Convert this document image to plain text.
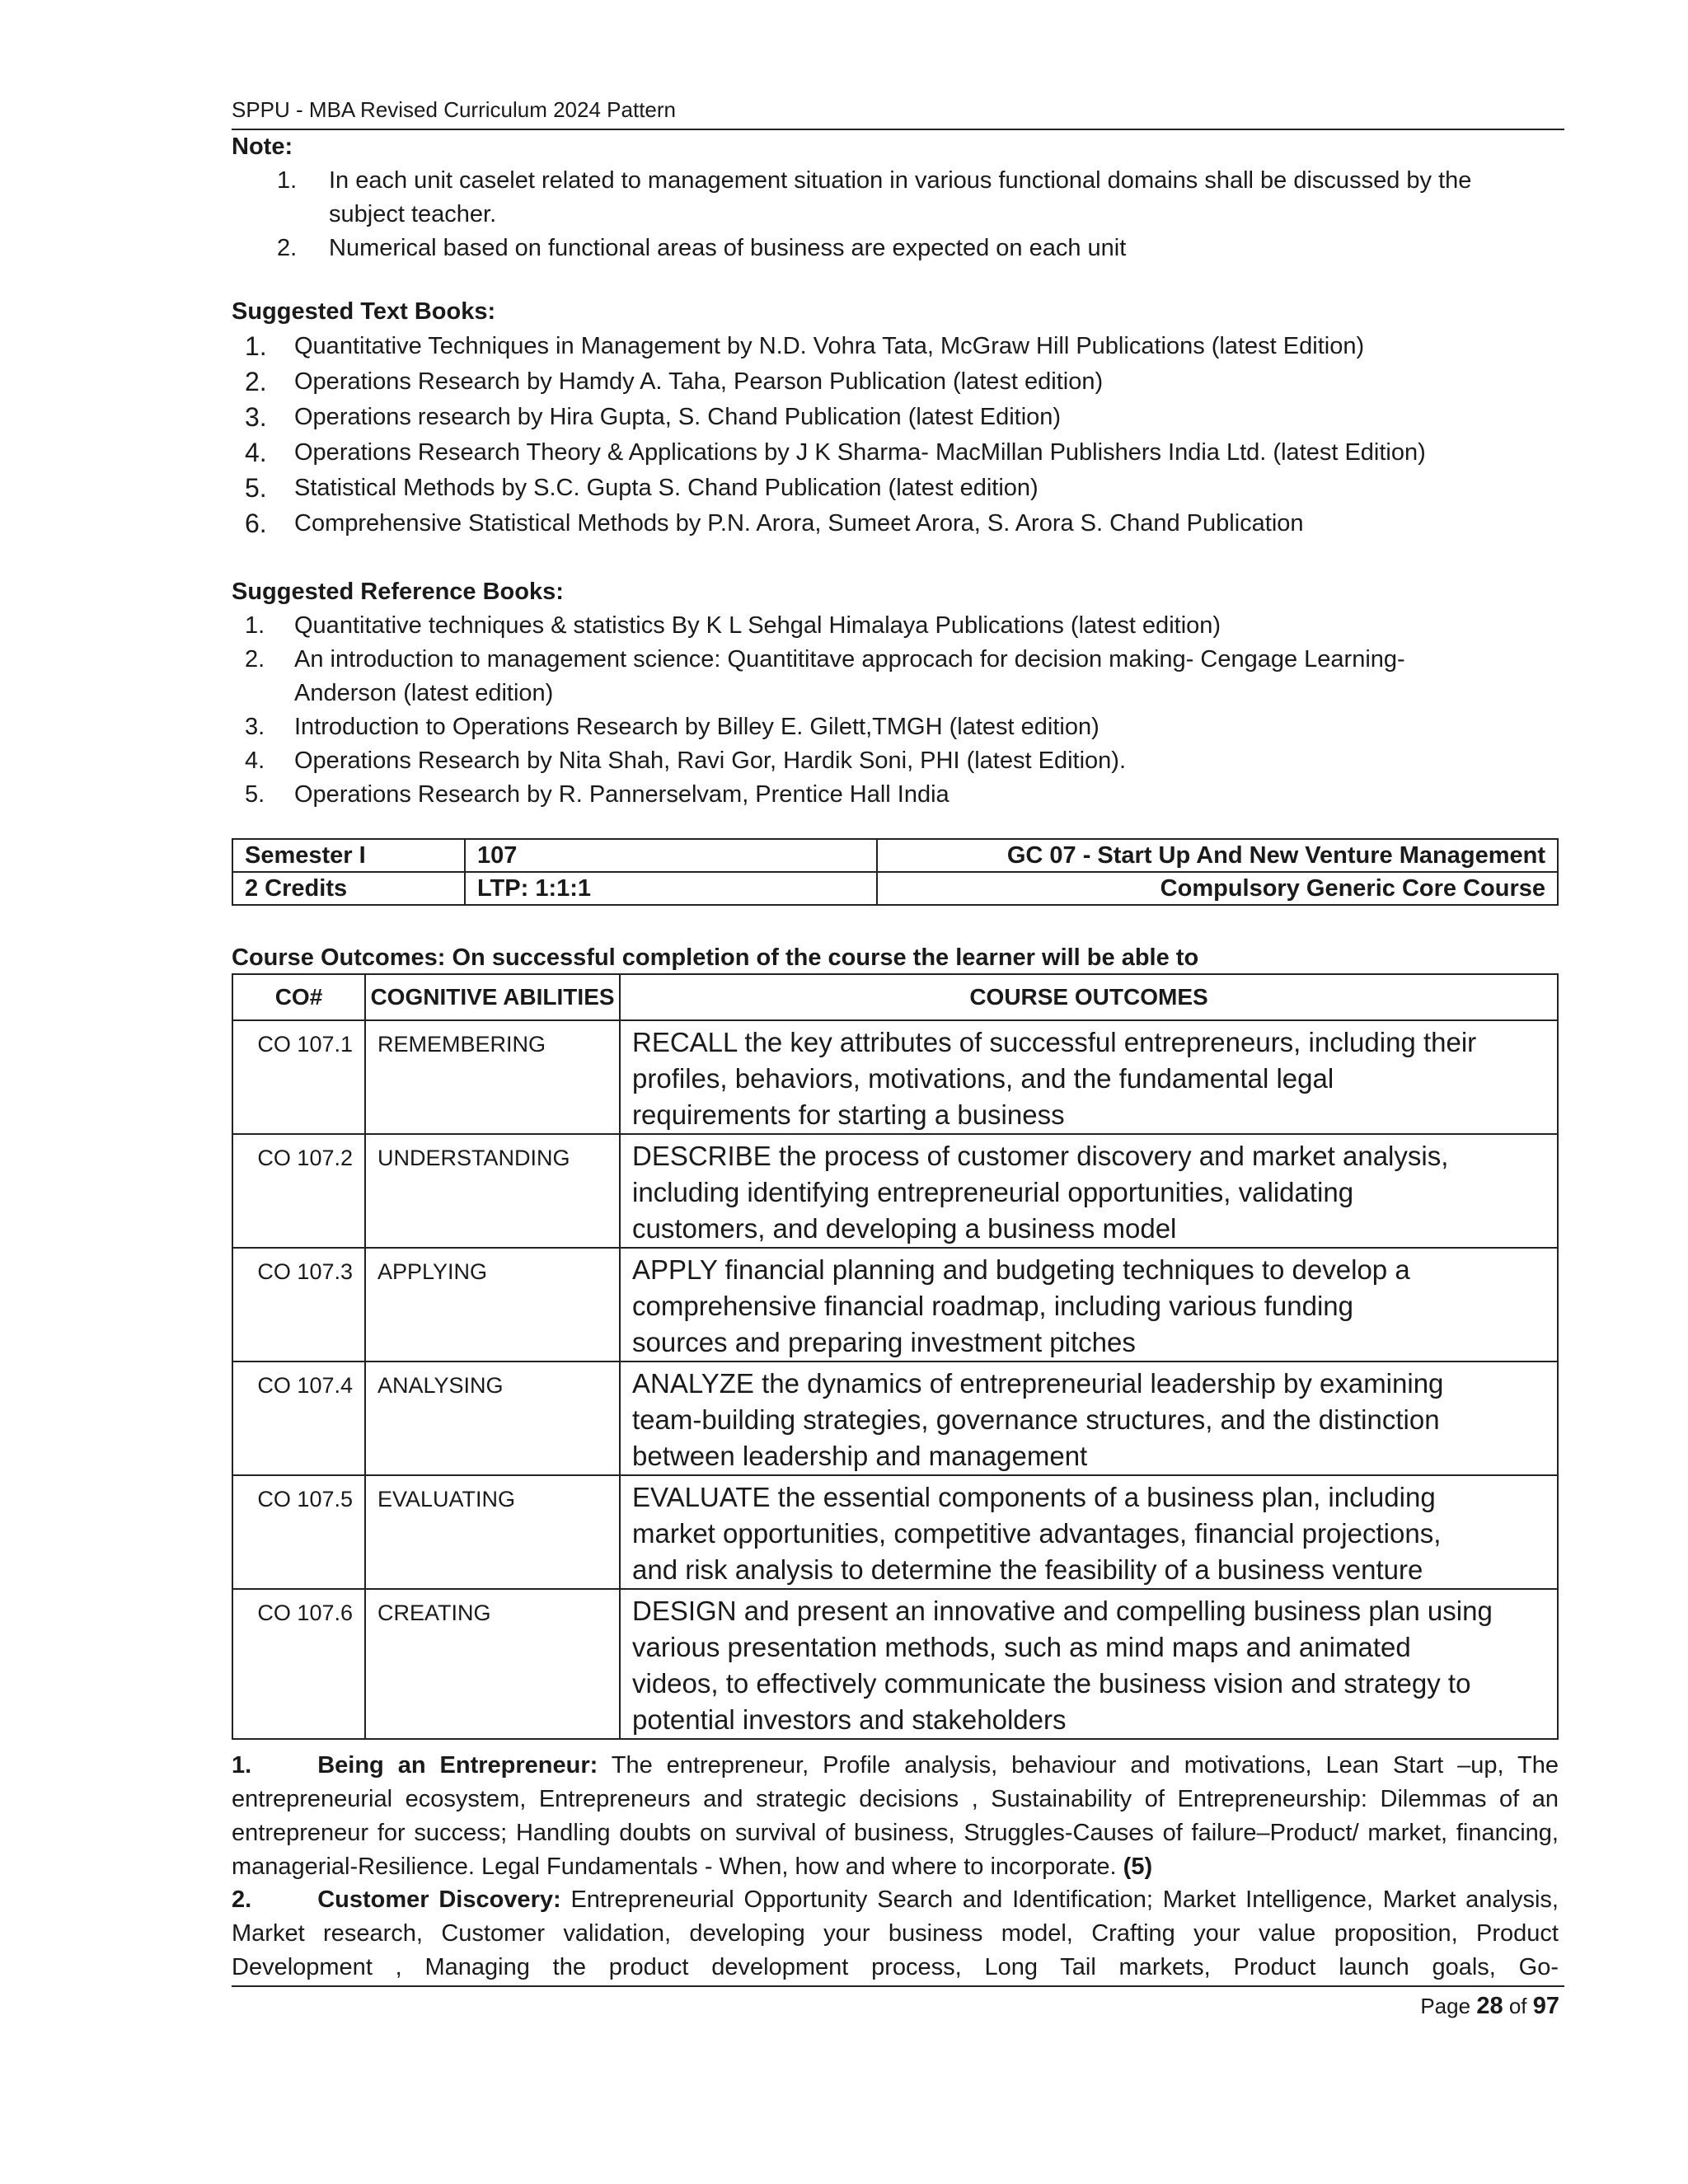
SPPU - MBA Revised Curriculum 2024 Pattern
Note:
1. In each unit caselet related to management situation in various functional domains shall be discussed by the
subject teacher.
2. Numerical based on functional areas of business are expected on each unit
Suggested Text Books:
1. Quantitative Techniques in Management by N.D. Vohra Tata, McGraw Hill Publications (latest Edition)
2. Operations Research by Hamdy A. Taha, Pearson Publication (latest edition)
3. Operations research by Hira Gupta, S. Chand Publication (latest Edition)
4. Operations Research Theory & Applications by J K Sharma- MacMillan Publishers India Ltd. (latest Edition)
5. Statistical Methods by S.C. Gupta S. Chand Publication (latest edition)
6. Comprehensive Statistical Methods by P.N. Arora, Sumeet Arora, S. Arora S. Chand Publication
Suggested Reference Books:
1. Quantitative techniques & statistics By K L Sehgal Himalaya Publications (latest edition)
2. An introduction to management science: Quantititave approcach for decision making- Cengage Learning-
Anderson (latest edition)
3. Introduction to Operations Research by Billey E. Gilett,TMGH (latest edition)
4. Operations Research by Nita Shah, Ravi Gor, Hardik Soni, PHI (latest Edition).
5. Operations Research by R. Pannerselvam, Prentice Hall India
Semester I	107	GC 07 - Start Up And New Venture Management
2 Credits	LTP: 1:1:1	Compulsory Generic Core Course
Course Outcomes: On successful completion of the course the learner will be able to
CO#	COGNITIVE ABILITIES	COURSE OUTCOMES
CO 107.1	REMEMBERING	RECALL the key attributes of successful entrepreneurs, including their
profiles, behaviors, motivations, and the fundamental legal
requirements for starting a business

CO 107.2	UNDERSTANDING	DESCRIBE the process of customer discovery and market analysis,
including identifying entrepreneurial opportunities, validating
customers, and developing a business model

CO 107.3	APPLYING	APPLY financial planning and budgeting techniques to develop a
comprehensive financial roadmap, including various funding
sources and preparing investment pitches

CO 107.4	ANALYSING	ANALYZE the dynamics of entrepreneurial leadership by examining
team-building strategies, governance structures, and the distinction
between leadership and management

CO 107.5	EVALUATING	EVALUATE the essential components of a business plan, including
market opportunities, competitive advantages, financial projections,
and risk analysis to determine the feasibility of a business venture

CO 107.6	CREATING	DESIGN and present an innovative and compelling business plan using
various presentation methods, such as mind maps and animated
videos, to effectively communicate the business vision and strategy to
potential investors and stakeholders
1.	Being an Entrepreneur: The entrepreneur, Profile analysis, behaviour and motivations, Lean Start –up, The entrepreneurial ecosystem, Entrepreneurs and strategic decisions , Sustainability of Entrepreneurship: Dilemmas of an entrepreneur for success; Handling doubts on survival of business, Struggles-Causes of failure–Product/ market, financing, managerial-Resilience. Legal Fundamentals - When, how and where to incorporate. (5)
2.	Customer Discovery: Entrepreneurial Opportunity Search and Identification; Market Intelligence, Market analysis, Market research, Customer validation, developing your business model, Crafting your value proposition, Product Development , Managing the product development process, Long Tail markets, Product launch goals, Go-
Page 28 of 97
